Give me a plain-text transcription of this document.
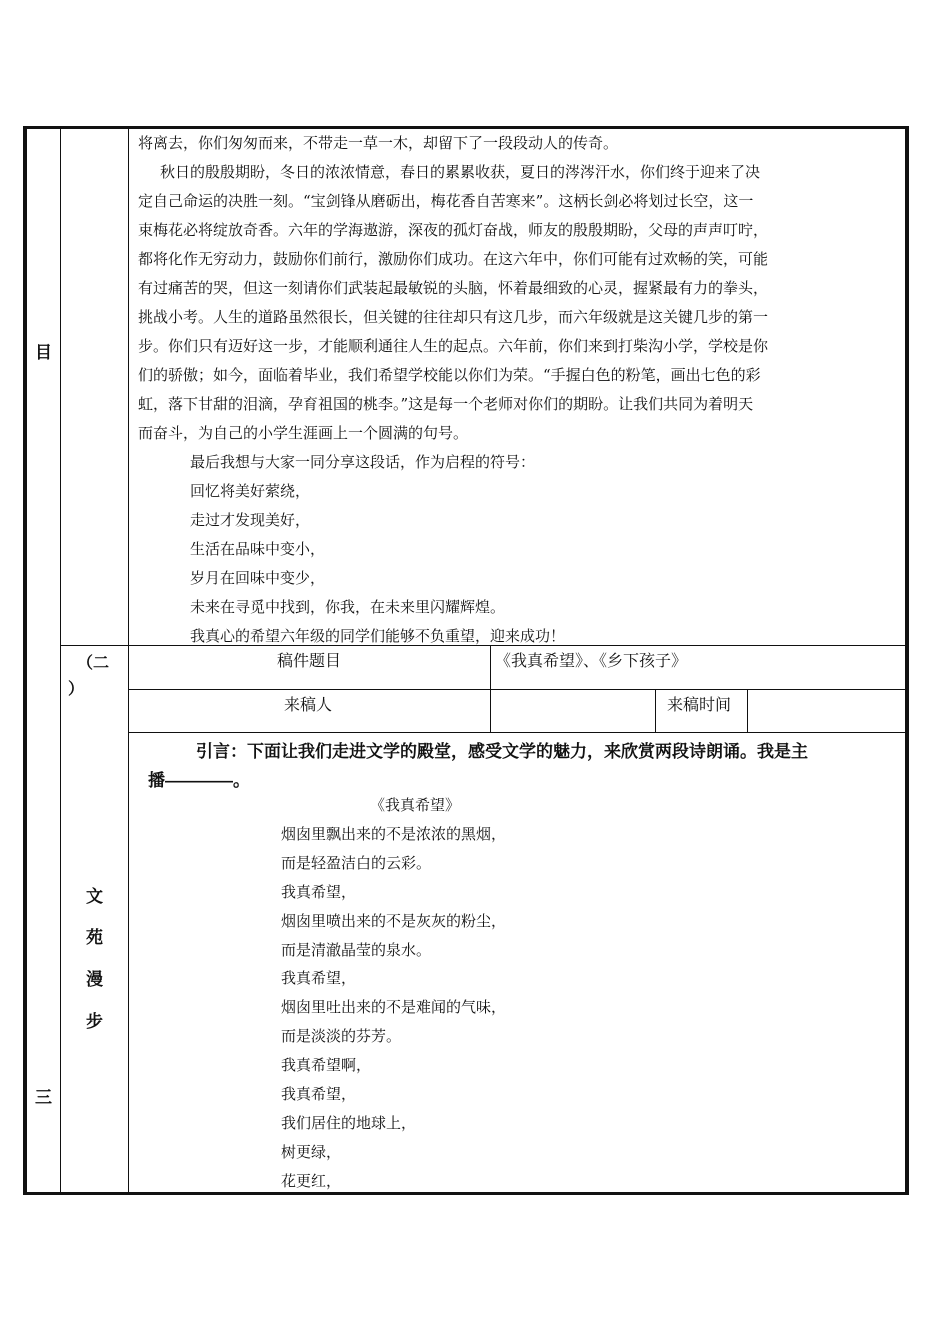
目
三
（二
）
文
苑
漫
步
将离去，你们匆匆而来，不带走一草一木，却留下了一段段动人的传奇。
秋日的殷殷期盼，冬日的浓浓情意，春日的累累收获，夏日的涔涔汗水，你们终于迎来了决
定自己命运的决胜一刻。“宝剑锋从磨砺出，梅花香自苦寒来”。这柄长剑必将划过长空，这一
束梅花必将绽放奇香。六年的学海遨游，深夜的孤灯奋战，师友的殷殷期盼，父母的声声叮咛，
都将化作无穷动力，鼓励你们前行，激励你们成功。在这六年中，你们可能有过欢畅的笑，可能
有过痛苦的哭，但这一刻请你们武装起最敏锐的头脑，怀着最细致的心灵，握紧最有力的拳头，
挑战小考。人生的道路虽然很长，但关键的往往却只有这几步，而六年级就是这关键几步的第一
步。你们只有迈好这一步，才能顺利通往人生的起点。六年前，你们来到打柴沟小学，学校是你
们的骄傲；如今，面临着毕业，我们希望学校能以你们为荣。“手握白色的粉笔，画出七色的彩
虹，落下甘甜的泪滴，孕育祖国的桃李。”这是每一个老师对你们的期盼。让我们共同为着明天
而奋斗，为自己的小学生涯画上一个圆满的句号。
最后我想与大家一同分享这段话，作为启程的符号：
回忆将美好萦绕，
走过才发现美好，
生活在品味中变小，
岁月在回味中变少，
未来在寻觅中找到，你我，在未来里闪耀辉煌。
我真心的希望六年级的同学们能够不负重望，迎来成功！
稿件题目	《我真希望》、《乡下孩子》
来稿人	来稿时间
引言：下面让我们走进文学的殿堂，感受文学的魅力，来欣赏两段诗朗诵。我是主
播————。
《我真希望》
烟囱里飘出来的不是浓浓的黑烟，
而是轻盈洁白的云彩。
我真希望，
烟囱里喷出来的不是灰灰的粉尘，
而是清澈晶莹的泉水。
我真希望，
烟囱里吐出来的不是难闻的气味，
而是淡淡的芬芳。
我真希望啊，
我真希望，
我们居住的地球上，
树更绿，
花更红，
